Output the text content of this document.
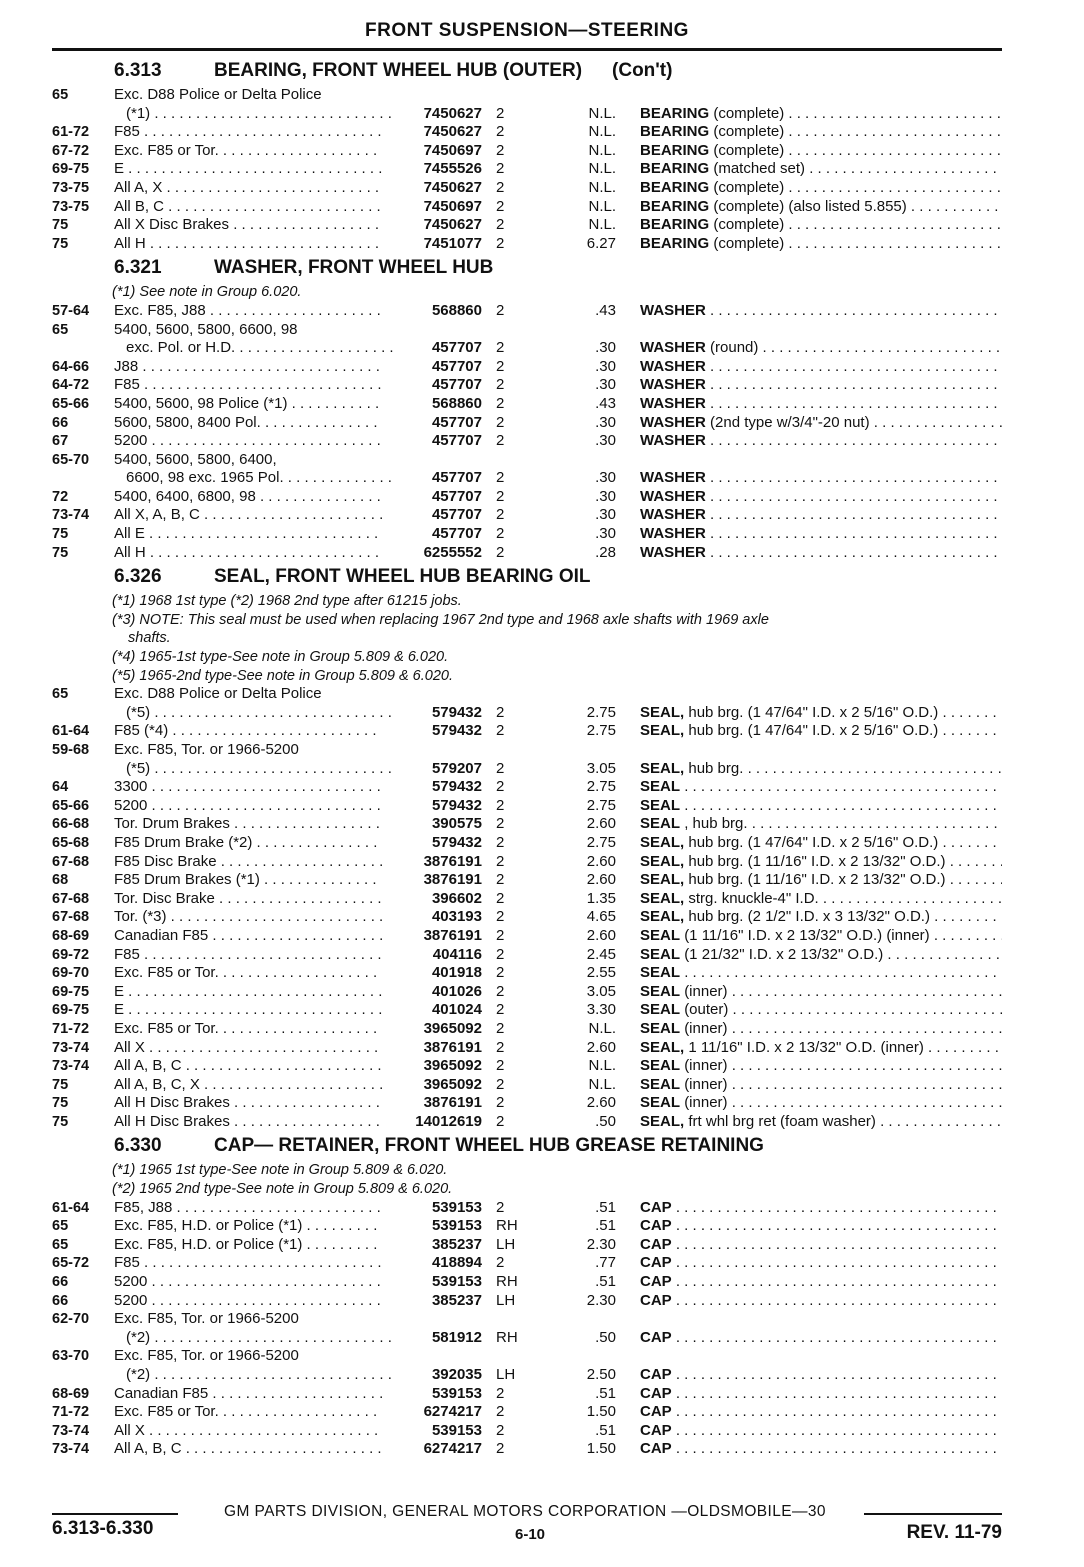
FRONT SUSPENSION—STEERING
6.313	BEARING, FRONT WHEEL HUB (OUTER) (Con't)
65	Exc. D88 Police or Delta Police
(*1) . . .	7450627 2	N.L. BEARING (complete) . . .
61-72	F85 . . .	7450627 2	N.L. BEARING (complete) . . .
67-72	Exc. F85 or Tor. . . .	7450697 2	N.L. BEARING (complete) . . .
69-75	E . . .	7455526 2	N.L. BEARING (matched set) . . .
73-75	All A, X . . .	7450627 2	N.L. BEARING (complete) . . .
73-75	All B, C . . .	7450697 2	N.L. BEARING (complete) (also listed 5.855) . . .
75	All X Disc Brakes . . .	7450627 2	N.L. BEARING (complete) . . .
75	All H . . .	7451077 2	6.27 BEARING (complete) . . .
6.321	WASHER, FRONT WHEEL HUB
(*1) See note in Group 6.020.
57-64	Exc. F85, J88 . . .	568860 2	.43 WASHER . . .
65	5400, 5600, 5800, 6600, 98
exc. Pol. or H.D. . . .	457707 2	.30 WASHER (round) . . .
64-66	J88 . . .	457707 2	.30 WASHER . . .
64-72	F85 . . .	457707 2	.30 WASHER . . .
65-66	5400, 5600, 98 Police (*1) . . .	568860 2	.43 WASHER . . .
66	5600, 5800, 8400 Pol. . . .	457707 2	.30 WASHER (2nd type w/3/4"-20 nut) . . .
67	5200 . . .	457707 2	.30 WASHER . . .
65-70	5400, 5600, 5800, 6400,
6600, 98 exc. 1965 Pol. . . .	457707 2	.30 WASHER . . .
72	5400, 6400, 6800, 98 . . .	457707 2	.30 WASHER . . .
73-74	All X, A, B, C . . .	457707 2	.30 WASHER . . .
75	All E . . .	457707 2	.30 WASHER . . .
75	All H . . .	6255552 2	.28 WASHER . . .
6.326	SEAL, FRONT WHEEL HUB BEARING OIL
(*1) 1968 1st type (*2) 1968 2nd type after 61215 jobs.
(*3) NOTE: This seal must be used when replacing 1967 2nd type and 1968 axle shafts with 1969 axle
shafts.
(*4) 1965-1st type-See note in Group 5.809 & 6.020.
(*5) 1965-2nd type-See note in Group 5.809 & 6.020.
65	Exc. D88 Police or Delta Police
(*5) . . .	579432 2	2.75 SEAL, hub brg. (1 47/64" I.D. x 2 5/16" O.D.) . . .
61-64	F85 (*4) . . .	579432 2	2.75 SEAL, hub brg. (1 47/64" I.D. x 2 5/16" O.D.) . . .
59-68	Exc. F85, Tor. or 1966-5200
(*5) . . .	579207 2	3.05 SEAL, hub brg. . . .
64	3300 . . .	579432 2	2.75 SEAL . . .
65-66	5200 . . .	579432 2	2.75 SEAL . . .
66-68	Tor. Drum Brakes . . .	390575 2	2.60 SEAL , hub brg. . . .
65-68	F85 Drum Brake (*2) . . .	579432 2	2.75 SEAL, hub brg. (1 47/64" I.D. x 2 5/16" O.D.) . . .
67-68	F85 Disc Brake . . .	3876191 2	2.60 SEAL, hub brg. (1 11/16" I.D. x 2 13/32" O.D.) . . .
68	F85 Drum Brakes (*1) . . .	3876191 2	2.60 SEAL, hub brg. (1 11/16" I.D. x 2 13/32" O.D.) . . .
67-68	Tor. Disc Brake . . .	396602 2	1.35 SEAL, strg. knuckle-4" I.D. . . .
67-68	Tor. (*3) . . .	403193 2	4.65 SEAL, hub brg. (2 1/2" I.D. x 3 13/32" O.D.) . . .
68-69	Canadian F85 . . .	3876191 2	2.60 SEAL (1 11/16" I.D. x 2 13/32" O.D.) (inner) . . .
69-72	F85 . . .	404116 2	2.45 SEAL (1 21/32" I.D. x 2 13/32" O.D.) . . .
69-70	Exc. F85 or Tor. . . .	401918 2	2.55 SEAL . . .
69-75	E . . .	401026 2	3.05 SEAL (inner) . . .
69-75	E . . .	401024 2	3.30 SEAL (outer) . . .
71-72	Exc. F85 or Tor. . . .	3965092 2	N.L. SEAL (inner) . . .
73-74	All X . . .	3876191 2	2.60 SEAL, 1 11/16" I.D. x 2 13/32" O.D. (inner) . . .
73-74	All A, B, C . . .	3965092 2	N.L. SEAL (inner) . . .
75	All A, B, C, X . . .	3965092 2	N.L. SEAL (inner) . . .
75	All H Disc Brakes . . .	3876191 2	2.60 SEAL (inner) . . .
75	All H Disc Brakes . . .	14012619 2	.50 SEAL, frt whl brg ret (foam washer) . . .
6.330	CAP— RETAINER, FRONT WHEEL HUB GREASE RETAINING
(*1) 1965 1st type-See note in Group 5.809 & 6.020.
(*2) 1965 2nd type-See note in Group 5.809 & 6.020.
61-64	F85, J88 . . .	539153 2	.51 CAP . . .
65	Exc. F85, H.D. or Police (*1) . . .	539153 RH	.51 CAP . . .
65	Exc. F85, H.D. or Police (*1) . . .	385237 LH	2.30 CAP . . .
65-72	F85 . . .	418894 2	.77 CAP . . .
66	5200 . . .	539153 RH	.51 CAP . . .
66	5200 . . .	385237 LH	2.30 CAP . . .
62-70	Exc. F85, Tor. or 1966-5200
(*2) . . .	581912 RH	.50 CAP . . .
63-70	Exc. F85, Tor. or 1966-5200
(*2) . . .	392035 LH	2.50 CAP . . .
68-69	Canadian F85 . . .	539153 2	.51 CAP . . .
71-72	Exc. F85 or Tor. . . .	6274217 2	1.50 CAP . . .
73-74	All X . . .	539153 2	.51 CAP . . .
73-74	All A, B, C . . .	6274217 2	1.50 CAP . . .
GM PARTS DIVISION, GENERAL MOTORS CORPORATION —OLDSMOBILE—30
6.313-6.330	6-10	REV. 11-79
